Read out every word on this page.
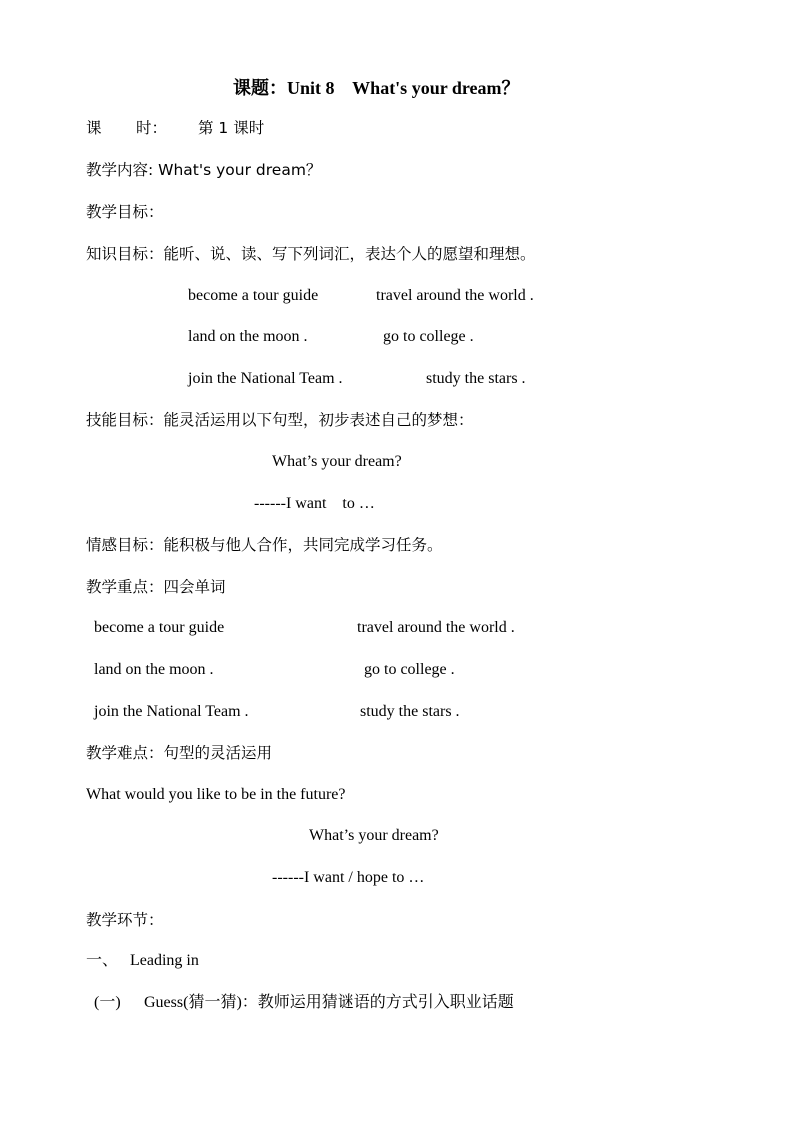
课题：Unit 8    What's your dream？
课       时： 第 1 课时
教学内容: What's your dream？
教学目标：
知识目标：能听、说、读、写下列词汇，表达个人的愿望和理想。
become a tour guide	travel around the world .
land on the moon .	go to college .
join the National Team .	study the stars .
技能目标：能灵活运用以下句型，初步表述自己的梦想：
What’s your dream?
------I want    to …
情感目标：能积极与他人合作，共同完成学习任务。
教学重点：四会单词
become a tour guide	travel around the world .
land on the moon .	go to college .
join the National Team .	study the stars .
教学难点：句型的灵活运用
What would you like to be in the future?
What’s your dream?
------I want / hope to …
教学环节：
一、   Leading in
(一) Guess(猜一猜)：教师运用猜谜语的方式引入职业话题
